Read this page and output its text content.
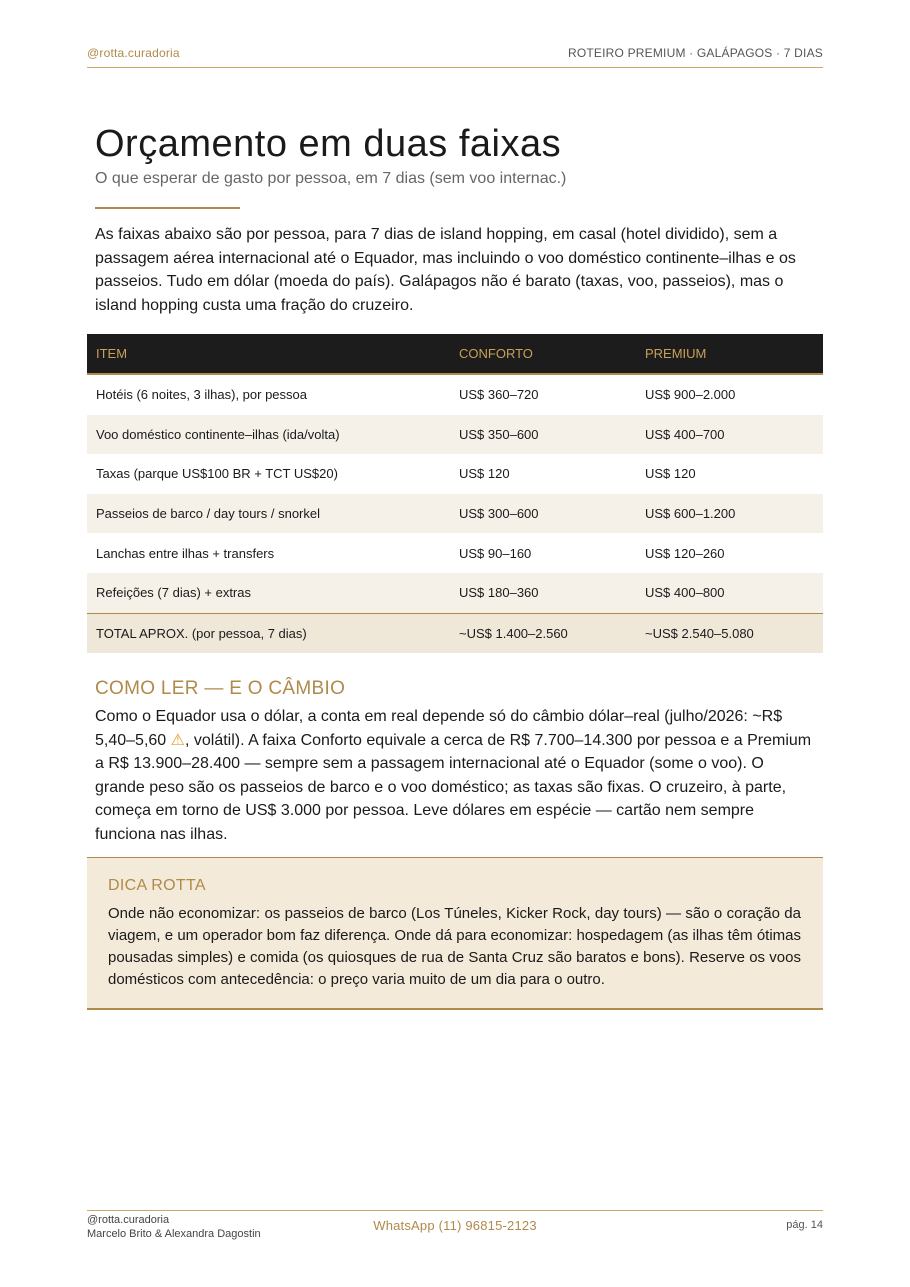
@rotta.curadoria	ROTEIRO PREMIUM · GALÁPAGOS · 7 DIAS
Orçamento em duas faixas

O que esperar de gasto por pessoa, em 7 dias (sem voo internac.)

As faixas abaixo são por pessoa, para 7 dias de island hopping, em casal (hotel dividido), sem a passagem aérea internacional até o Equador, mas incluindo o voo doméstico continente–ilhas e os passeios. Tudo em dólar (moeda do país). Galápagos não é barato (taxas, voo, passeios), mas o island hopping custa uma fração do cruzeiro.

ITEM	CONFORTO	PREMIUM
Hotéis (6 noites, 3 ilhas), por pessoa	US$ 360–720	US$ 900–2.000
Voo doméstico continente–ilhas (ida/volta)	US$ 350–600	US$ 400–700
Taxas (parque US$100 BR + TCT US$20)	US$ 120	US$ 120
Passeios de barco / day tours / snorkel	US$ 300–600	US$ 600–1.200
Lanchas entre ilhas + transfers	US$ 90–160	US$ 120–260
Refeições (7 dias) + extras	US$ 180–360	US$ 400–800
TOTAL APROX. (por pessoa, 7 dias)	~US$ 1.400–2.560	~US$ 2.540–5.080
COMO LER — E O CÂMBIO

Como o Equador usa o dólar, a conta em real depende só do câmbio dólar–real (julho/2026: ~R$ 5,40–5,60 ⚠, volátil). A faixa Conforto equivale a cerca de R$ 7.700–14.300 por pessoa e a Premium a R$ 13.900–28.400 — sempre sem a passagem internacional até o Equador (some o voo). O grande peso são os passeios de barco e o voo doméstico; as taxas são fixas. O cruzeiro, à parte, começa em torno de US$ 3.000 por pessoa. Leve dólares em espécie — cartão nem sempre funciona nas ilhas.

DICA ROTTA

Onde não economizar: os passeios de barco (Los Túneles, Kicker Rock, day tours) — são o coração da viagem, e um operador bom faz diferença. Onde dá para economizar: hospedagem (as ilhas têm ótimas pousadas simples) e comida (os quiosques de rua de Santa Cruz são baratos e bons). Reserve os voos domésticos com antecedência: o preço varia muito de um dia para o outro.

@rotta.curadoria
Marcelo Brito & Alexandra Dagostin
WhatsApp (11) 96815-2123	pág. 14
